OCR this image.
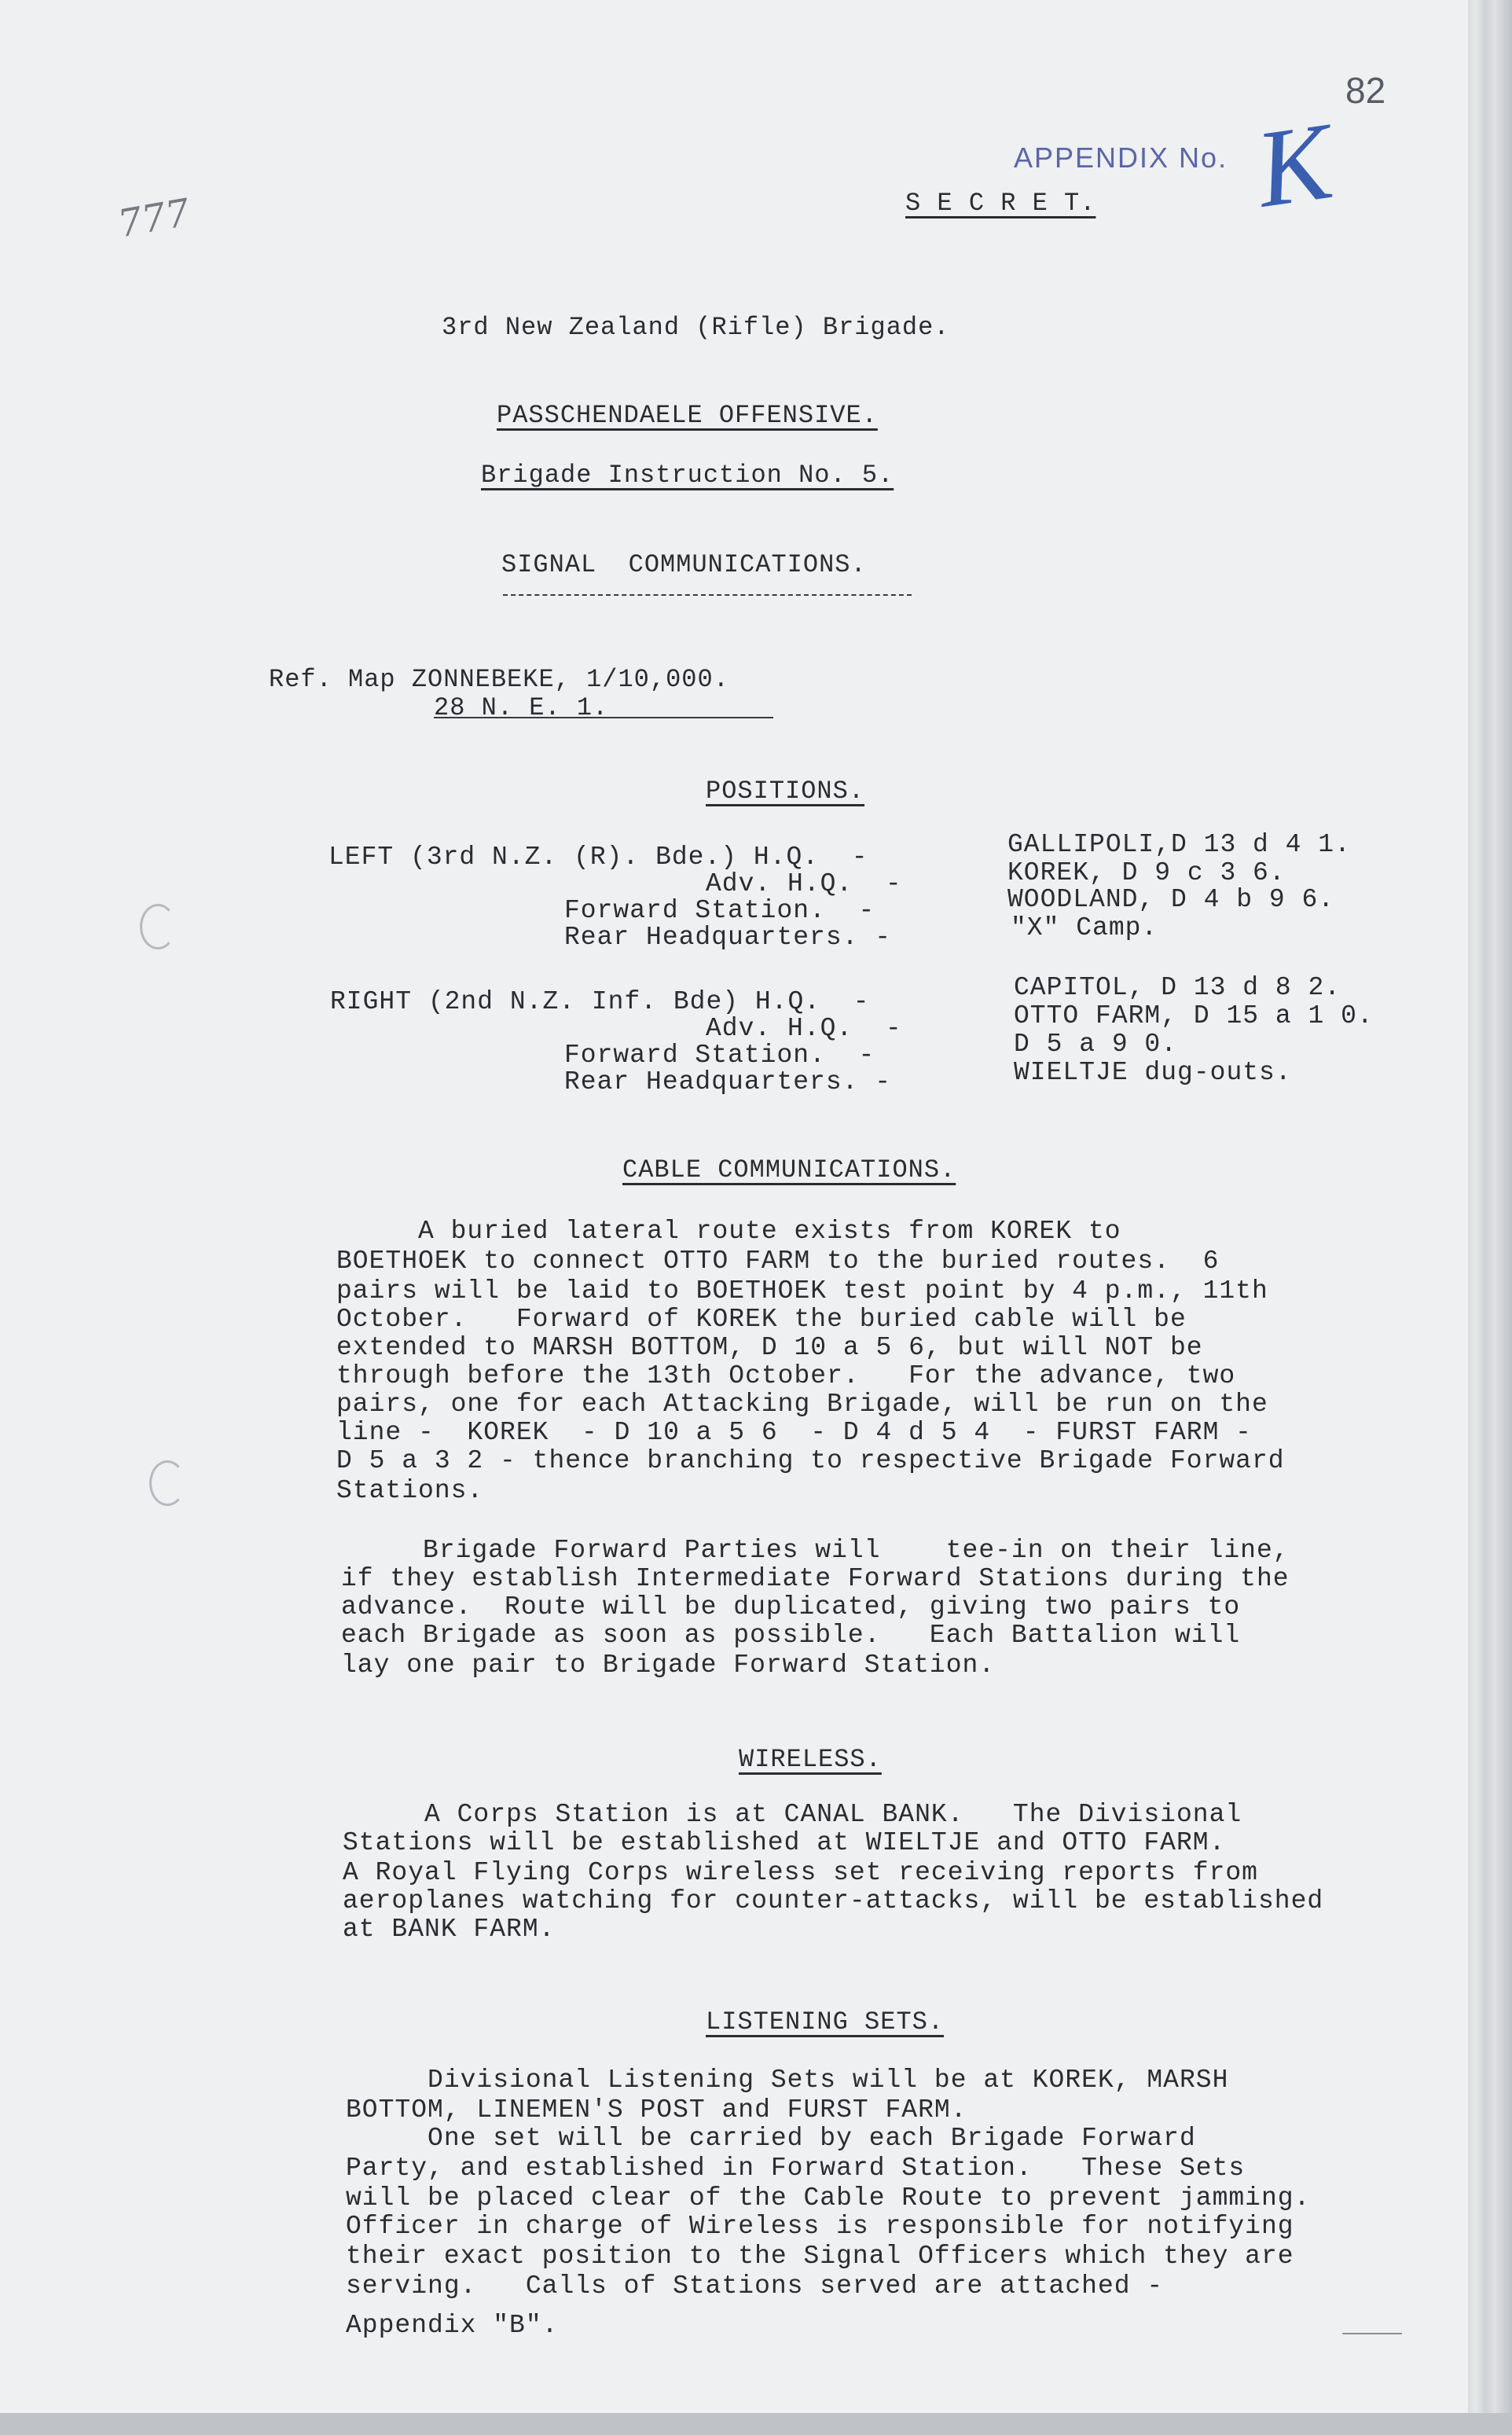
777
APPENDIX No. K
82
S E C R E T.
3rd New Zealand (Rifle) Brigade.
PASSCHENDAELE OFFENSIVE.
Brigade Instruction No. 5.
SIGNAL  COMMUNICATIONS.
Ref. Map ZONNEBEKE, 1/10,000.
28 N. E. 1.
POSITIONS.
LEFT (3rd N.Z. (R). Bde.) H.Q.  -	GALLIPOLI,D 13 d 4 1.
Adv. H.Q.  -	KOREK, D 9 c 3 6.
Forward Station.  -	WOODLAND, D 4 b 9 6.
Rear Headquarters. -	"X" Camp.
RIGHT (2nd N.Z. Inf. Bde) H.Q.  -	CAPITOL, D 13 d 8 2.
Adv. H.Q.  -	OTTO FARM, D 15 a 1 0.
Forward Station.  -	D 5 a 9 0.
Rear Headquarters. -	WIELTJE dug-outs.
CABLE COMMUNICATIONS.
A buried lateral route exists from KOREK to
BOETHOEK to connect OTTO FARM to the buried routes.  6
pairs will be laid to BOETHOEK test point by 4 p.m., 11th
October.   Forward of KOREK the buried cable will be
extended to MARSH BOTTOM, D 10 a 5 6, but will NOT be
through before the 13th October.   For the advance, two
pairs, one for each Attacking Brigade, will be run on the
line -  KOREK  - D 10 a 5 6  - D 4 d 5 4  - FURST FARM -
D 5 a 3 2 - thence branching to respective Brigade Forward
Stations.
Brigade Forward Parties will    tee-in on their line,
if they establish Intermediate Forward Stations during the
advance.  Route will be duplicated, giving two pairs to
each Brigade as soon as possible.   Each Battalion will
lay one pair to Brigade Forward Station.
WIRELESS.
A Corps Station is at CANAL BANK.   The Divisional
Stations will be established at WIELTJE and OTTO FARM.
A Royal Flying Corps wireless set receiving reports from
aeroplanes watching for counter-attacks, will be established
at BANK FARM.
LISTENING SETS.
Divisional Listening Sets will be at KOREK, MARSH
BOTTOM, LINEMEN'S POST and FURST FARM.
One set will be carried by each Brigade Forward
Party, and established in Forward Station.   These Sets
will be placed clear of the Cable Route to prevent jamming.
Officer in charge of Wireless is responsible for notifying
their exact position to the Signal Officers which they are
serving.   Calls of Stations served are attached -
Appendix "B".
